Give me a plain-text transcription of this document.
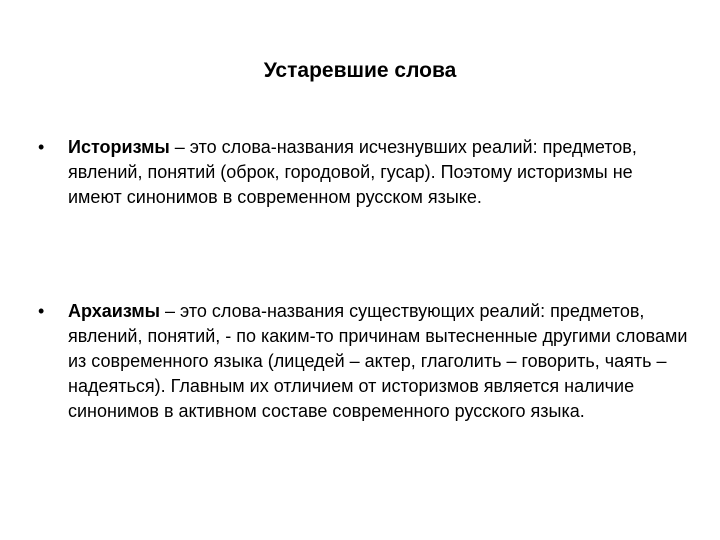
Устаревшие слова
•	Историзмы – это слова-названия исчезнувших реалий: предметов, явлений, понятий (оброк, городовой, гусар). Поэтому историзмы не имеют синонимов в современном русском языке.
•	Архаизмы – это слова-названия существующих реалий: предметов, явлений, понятий, - по каким-то причинам вытесненные другими словами из современного языка (лицедей – актер, глаголить – говорить, чаять – надеяться). Главным их отличием от историзмов является наличие синонимов в активном составе современного русского языка.
